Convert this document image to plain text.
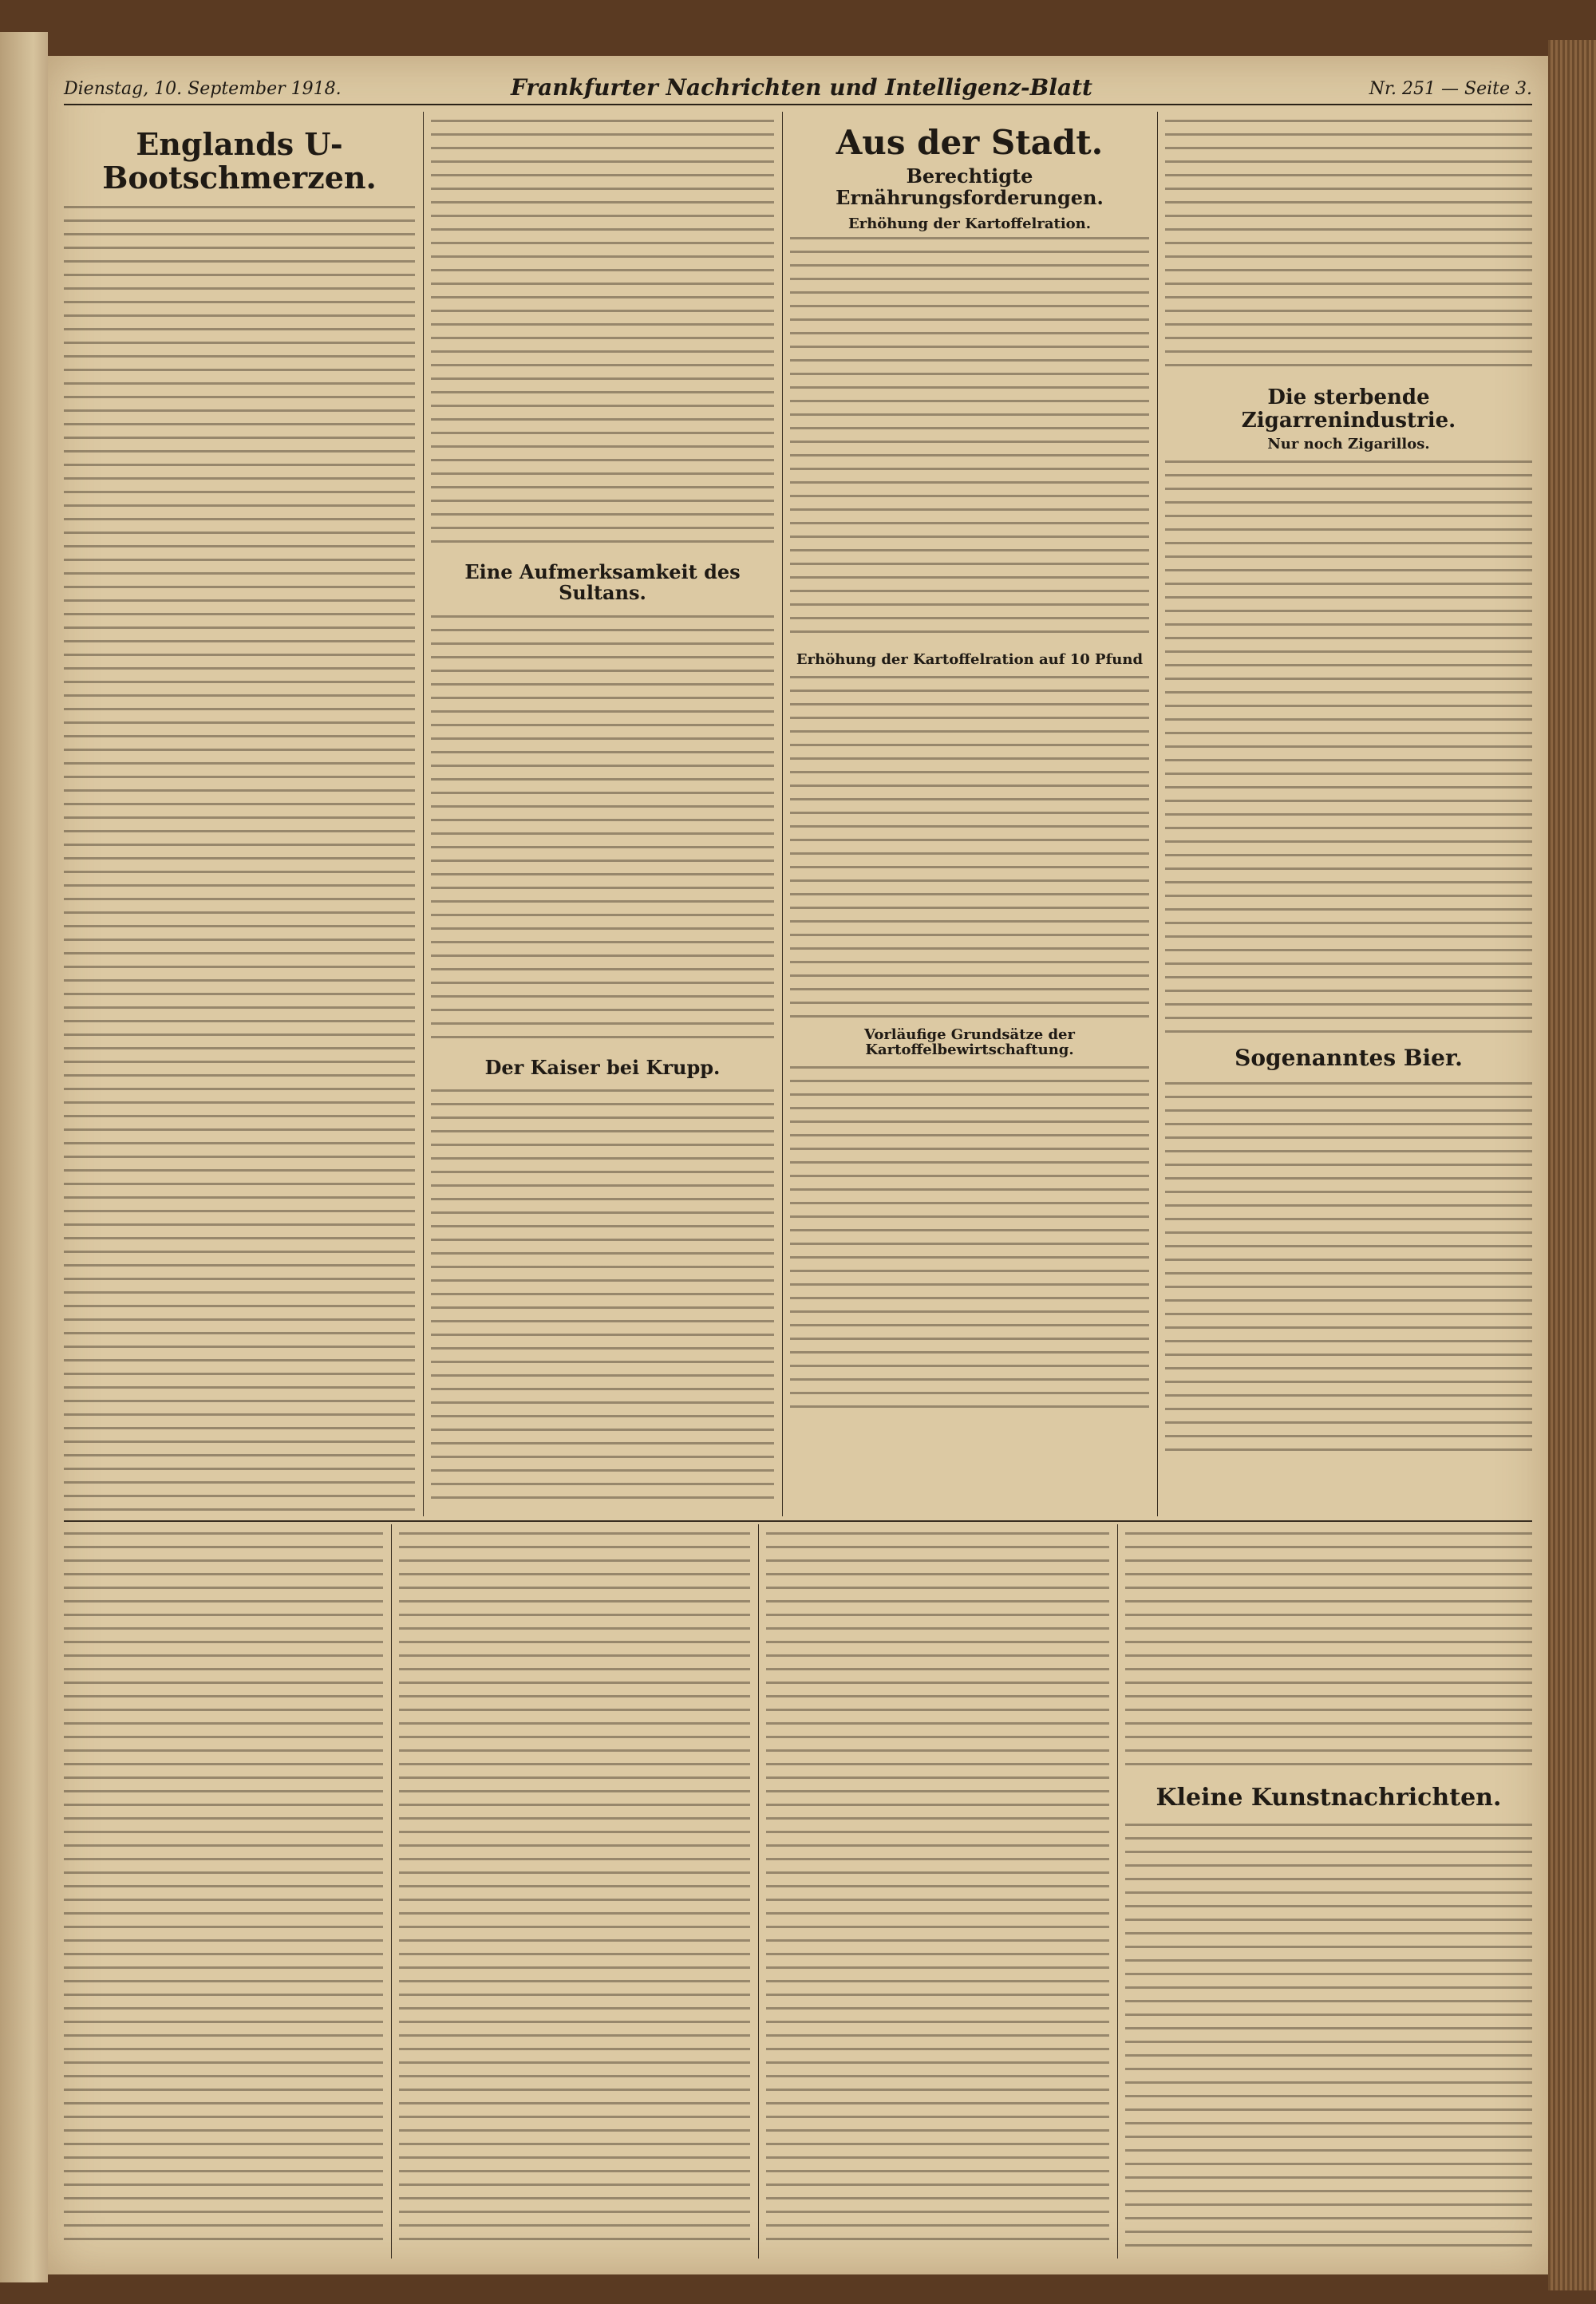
Dienstag, 10. September 1918.	Frankfurter Nachrichten und Intelligenz-Blatt	Nr. 251 — Seite 3.
Englands U-Bootschmerzen.
Eine Aufmerksamkeit des Sultans.
Der Kaiser bei Krupp.
Aus der Stadt.
Berechtigte Ernährungsforderungen.
Erhöhung der Kartoffelration.
Erhöhung der Kartoffelration auf 10 Pfund
Vorläufige Grundsätze der Kartoffelbewirtschaftung.
Die sterbende Zigarrenindustrie.
Nur noch Zigarillos.
Sogenanntes Bier.
Kleine Kunstnachrichten.
